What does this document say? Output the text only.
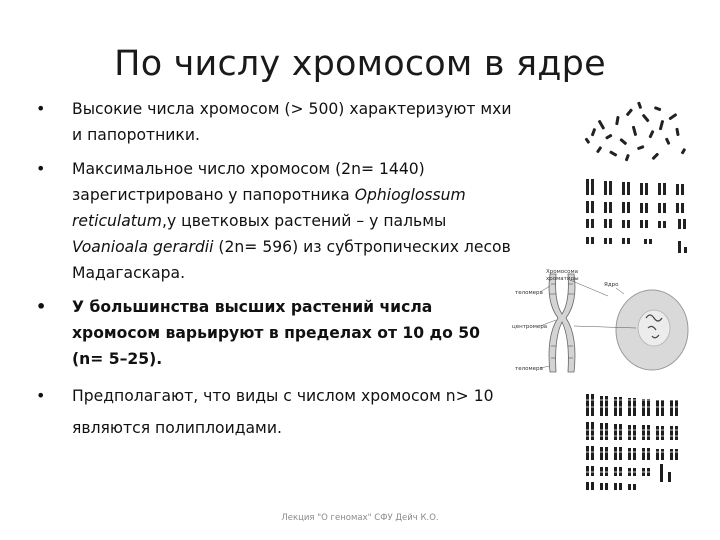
По числу хромосом в ядре
• Высокие числа хромосом (> 500) характеризуют мхи и папоротники.
• Максимальное число хромосом (2n= 1440) зарегистрировано у папоротника Ophioglossum reticulatum,у цветковых растений – у пальмы Voanioala gerardii (2n= 596) из субтропических лесов Мадагаскара.
• У большинства высших растений числа хромосом варьируют в пределах от 10 до 50 (n= 5–25).
• Предполагают, что виды с числом хромосом n> 10 являются полиплоидами.
Хромосома
хроматиды
Ядро
теломера
центромера
теломера
Лекция "О геномах" СФУ Дейч К.О.
